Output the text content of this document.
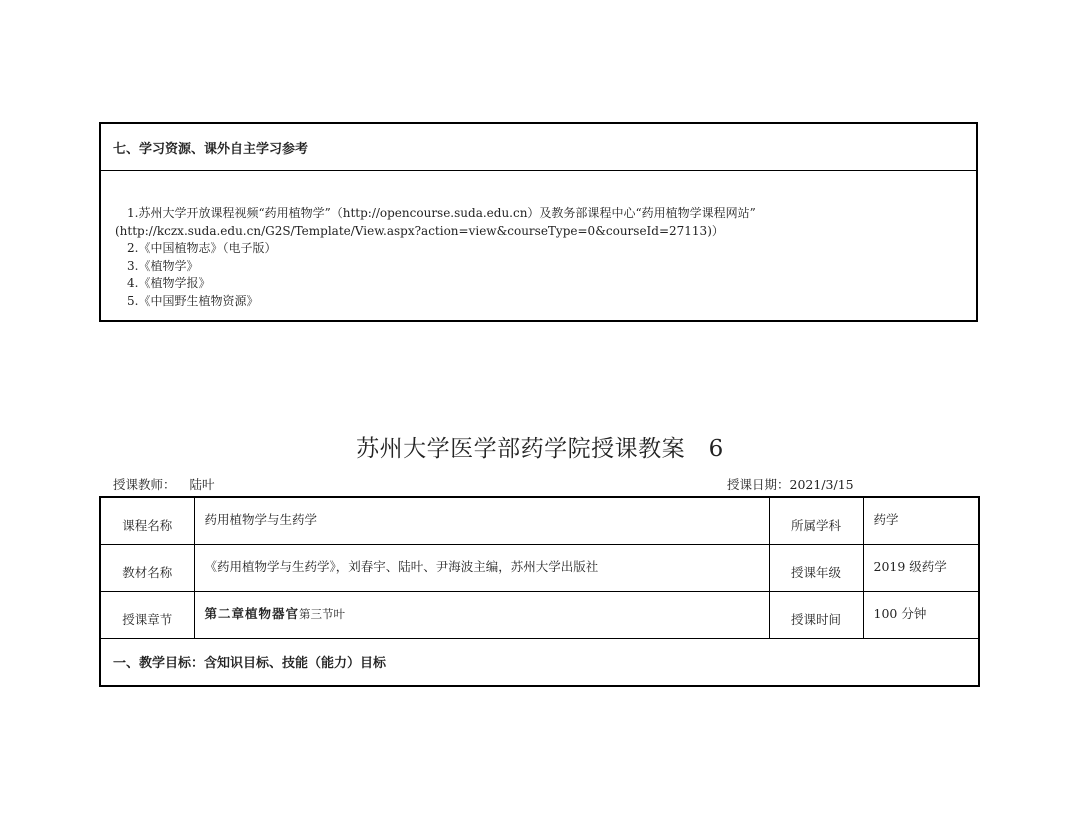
七、学习资源、课外自主学习参考
1.苏州大学开放课程视频“药用植物学”（http://opencourse.suda.edu.cn）及教务部课程中心“药用植物学课程网站”
(http://kczx.suda.edu.cn/G2S/Template/View.aspx?action=view&courseType=0&courseId=27113)）
2.《中国植物志》（电子版）
3.《植物学》
4.《植物学报》
5.《中国野生植物资源》
苏州大学医学部药学院授课教案　6
授课教师： 陆叶	授课日期：2021/3/15
课程名称	药用植物学与生药学	所属学科	药学
教材名称	《药用植物学与生药学》，刘春宇、陆叶、尹海波主编，苏州大学出版社	授课年级	2019 级药学
授课章节	第二章植物器官第三节叶	授课时间	100 分钟
一、教学目标：含知识目标、技能（能力）目标			
